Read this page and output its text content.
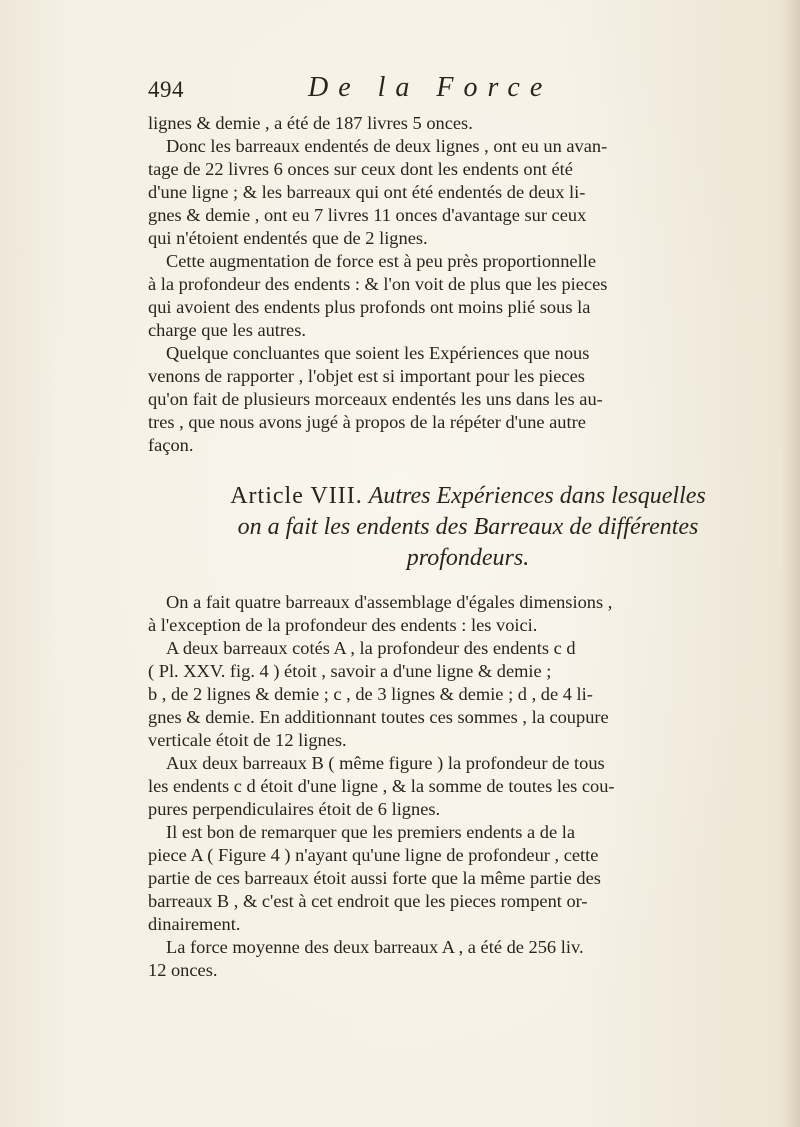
494	De la Force

lignes & demie , a été de 187 livres 5 onces.

Donc les barreaux endentés de deux lignes , ont eu un avan-
tage de 22 livres 6 onces sur ceux dont les endents ont été
d'une ligne ; & les barreaux qui ont été endentés de deux li-
gnes & demie , ont eu 7 livres 11 onces d'avantage sur ceux
qui n'étoient endentés que de 2 lignes.

Cette augmentation de force est à peu près proportionnelle
à la profondeur des endents : & l'on voit de plus que les pieces
qui avoient des endents plus profonds ont moins plié sous la
charge que les autres.

Quelque concluantes que soient les Expériences que nous
venons de rapporter , l'objet est si important pour les pieces
qu'on fait de plusieurs morceaux endentés les uns dans les au-
tres , que nous avons jugé à propos de la répéter d'une autre
façon.

Article VIII. Autres Expériences dans lesquelles
on a fait les endents des Barreaux de différentes
profondeurs.

On a fait quatre barreaux d'assemblage d'égales dimensions ,
à l'exception de la profondeur des endents : les voici.

A deux barreaux cotés A , la profondeur des endents c d
( Pl. XXV. fig. 4 ) étoit , savoir a d'une ligne & demie ;
b , de 2 lignes & demie ; c , de 3 lignes & demie ; d , de 4 li-
gnes & demie. En additionnant toutes ces sommes , la coupure
verticale étoit de 12 lignes.

Aux deux barreaux B ( même figure ) la profondeur de tous
les endents c d étoit d'une ligne , & la somme de toutes les cou-
pures perpendiculaires étoit de 6 lignes.

Il est bon de remarquer que les premiers endents a de la
piece A ( Figure 4 ) n'ayant qu'une ligne de profondeur , cette
partie de ces barreaux étoit aussi forte que la même partie des
barreaux B , & c'est à cet endroit que les pieces rompent or-
dinairement.

La force moyenne des deux barreaux A , a été de 256 liv.
12 onces.
